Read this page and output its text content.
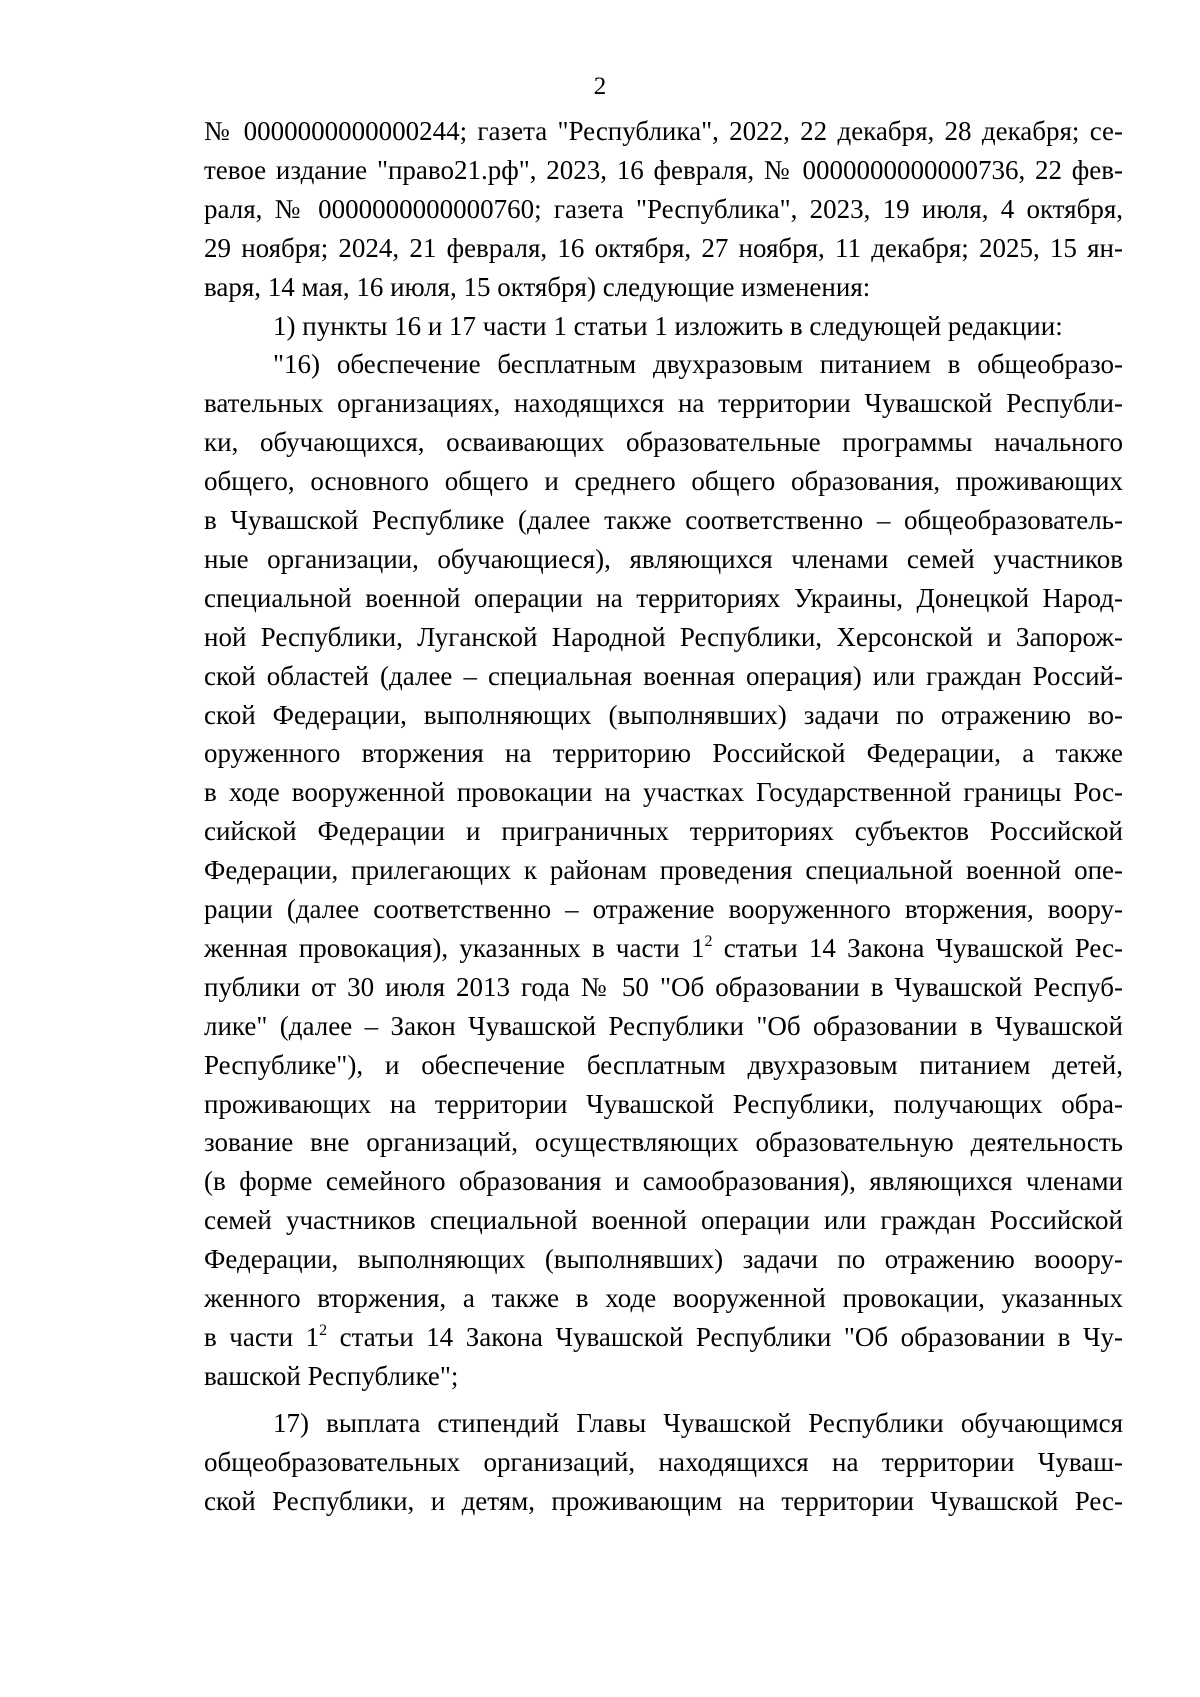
2
№ 0000000000000244; газета "Республика", 2022, 22 декабря, 28 декабря; се-
тевое издание "право21.рф", 2023, 16 февраля, № 0000000000000736, 22 фев-
раля, № 0000000000000760; газета "Республика", 2023, 19 июля, 4 октября,
29 ноября; 2024, 21 февраля, 16 октября, 27 ноября, 11 декабря; 2025, 15 ян-
варя, 14 мая, 16 июля, 15 октября) следующие изменения:
1) пункты 16 и 17 части 1 статьи 1 изложить в следующей редакции:
"16) обеспечение бесплатным двухразовым питанием в общеобразо-
вательных организациях, находящихся на территории Чувашской Республи-
ки, обучающихся, осваивающих образовательные программы начального
общего, основного общего и среднего общего образования, проживающих
в Чувашской Республике (далее также соответственно – общеобразователь-
ные организации, обучающиеся), являющихся членами семей участников
специальной военной операции на территориях Украины, Донецкой Народ-
ной Республики, Луганской Народной Республики, Херсонской и Запорож-
ской областей (далее – специальная военная операция) или граждан Россий-
ской Федерации, выполняющих (выполнявших) задачи по отражению во-
оруженного вторжения на территорию Российской Федерации, а также
в ходе вооруженной провокации на участках Государственной границы Рос-
сийской Федерации и приграничных территориях субъектов Российской
Федерации, прилегающих к районам проведения специальной военной опе-
рации (далее соответственно – отражение вооруженного вторжения, воору-
женная провокация), указанных в части $1^2$ статьи 14 Закона Чувашской Рес-
публики от 30 июля 2013 года № 50 "Об образовании в Чувашской Респуб-
лике" (далее – Закон Чувашской Республики "Об образовании в Чувашской
Республике"), и обеспечение бесплатным двухразовым питанием детей,
проживающих на территории Чувашской Республики, получающих обра-
зование вне организаций, осуществляющих образовательную деятельность
(в форме семейного образования и самообразования), являющихся членами
семей участников специальной военной операции или граждан Российской
Федерации, выполняющих (выполнявших) задачи по отражению вооору-
женного вторжения, а также в ходе вооруженной провокации, указанных
в части $1^2$ статьи 14 Закона Чувашской Республики "Об образовании в Чу-
вашской Республике";
17) выплата стипендий Главы Чувашской Республики обучающимся
общеобразовательных организаций, находящихся на территории Чуваш-
ской Республики, и детям, проживающим на территории Чувашской Рес-
